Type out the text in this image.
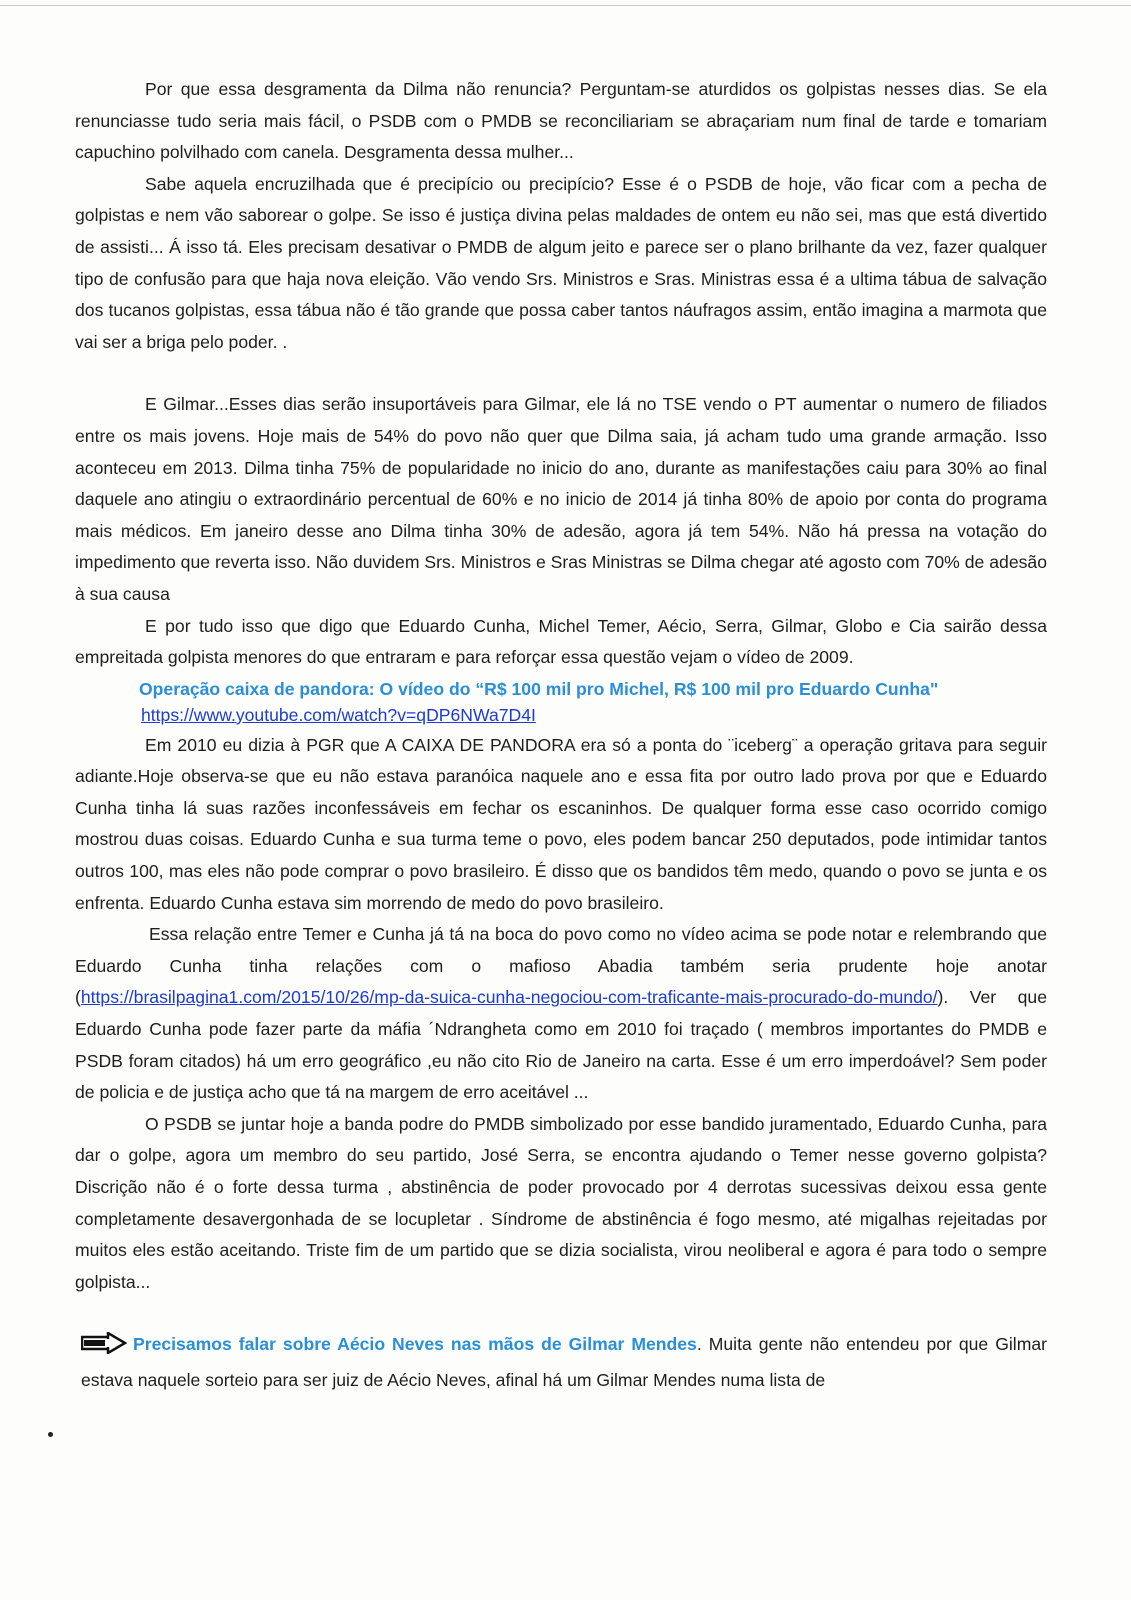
Por que essa desgramenta da Dilma não renuncia? Perguntam-se aturdidos os golpistas nesses dias. Se ela renunciasse tudo seria mais fácil, o PSDB com o PMDB se reconciliariam se abraçariam num final de tarde e tomariam capuchino polvilhado com canela. Desgramenta dessa mulher...

Sabe aquela encruzilhada que é precipício ou precipício? Esse é o PSDB de hoje, vão ficar com a pecha de golpistas e nem vão saborear o golpe. Se isso é justiça divina pelas maldades de ontem eu não sei, mas que está divertido de assisti... Á isso tá. Eles precisam desativar o PMDB de algum jeito e parece ser o plano brilhante da vez, fazer qualquer tipo de confusão para que haja nova eleição. Vão vendo Srs. Ministros e Sras. Ministras essa é a ultima tábua de salvação dos tucanos golpistas, essa tábua não é tão grande que possa caber tantos náufragos assim, então imagina a marmota que vai ser a briga pelo poder. .

E Gilmar...Esses dias serão insuportáveis para Gilmar, ele lá no TSE vendo o PT aumentar o numero de filiados entre os mais jovens. Hoje mais de 54% do povo não quer que Dilma saia, já acham tudo uma grande armação. Isso aconteceu em 2013. Dilma tinha 75% de popularidade no inicio do ano, durante as manifestações caiu para 30% ao final daquele ano atingiu o extraordinário percentual de 60% e no inicio de 2014 já tinha 80% de apoio por conta do programa mais médicos. Em janeiro desse ano Dilma tinha 30% de adesão, agora já tem 54%. Não há pressa na votação do impedimento que reverta isso. Não duvidem Srs. Ministros e Sras Ministras se Dilma chegar até agosto com 70% de adesão à sua causa

E por tudo isso que digo que Eduardo Cunha, Michel Temer, Aécio, Serra, Gilmar, Globo e Cia sairão dessa empreitada golpista menores do que entraram e para reforçar essa questão vejam o vídeo de 2009.

Operação caixa de pandora: O vídeo do “R$ 100 mil pro Michel, R$ 100 mil pro Eduardo Cunha"
https://www.youtube.com/watch?v=qDP6NWa7D4I

Em 2010 eu dizia à PGR que A CAIXA DE PANDORA era só a ponta do ¨iceberg¨ a operação gritava para seguir adiante.Hoje observa-se que eu não estava paranóica naquele ano e essa fita por outro lado prova por que e Eduardo Cunha tinha lá suas razões inconfessáveis em fechar os escaninhos. De qualquer forma esse caso ocorrido comigo mostrou duas coisas. Eduardo Cunha e sua turma teme o povo, eles podem bancar 250 deputados, pode intimidar tantos outros 100, mas eles não pode comprar o povo brasileiro. É disso que os bandidos têm medo, quando o povo se junta e os enfrenta. Eduardo Cunha estava sim morrendo de medo do povo brasileiro.

Essa relação entre Temer e Cunha já tá na boca do povo como no vídeo acima se pode notar e relembrando que Eduardo Cunha tinha relações com o mafioso Abadia também seria prudente hoje anotar (https://brasilpagina1.com/2015/10/26/mp-da-suica-cunha-negociou-com-traficante-mais-procurado-do-mundo/). Ver que Eduardo Cunha pode fazer parte da máfia ´Ndrangheta como em 2010 foi traçado ( membros importantes do PMDB e PSDB foram citados) há um erro geográfico ,eu não cito Rio de Janeiro na carta. Esse é um erro imperdoável? Sem poder de policia e de justiça acho que tá na margem de erro aceitável ...

O PSDB se juntar hoje a banda podre do PMDB simbolizado por esse bandido juramentado, Eduardo Cunha, para dar o golpe, agora um membro do seu partido, José Serra, se encontra ajudando o Temer nesse governo golpista? Discrição não é o forte dessa turma , abstinência de poder provocado por 4 derrotas sucessivas deixou essa gente completamente desavergonhada de se locupletar . Síndrome de abstinência é fogo mesmo, até migalhas rejeitadas por muitos eles estão aceitando. Triste fim de um partido que se dizia socialista, virou neoliberal e agora é para todo o sempre golpista...

Precisamos falar sobre Aécio Neves nas mãos de Gilmar Mendes. Muita gente não entendeu por que Gilmar estava naquele sorteio para ser juiz de Aécio Neves, afinal há um Gilmar Mendes numa lista de
